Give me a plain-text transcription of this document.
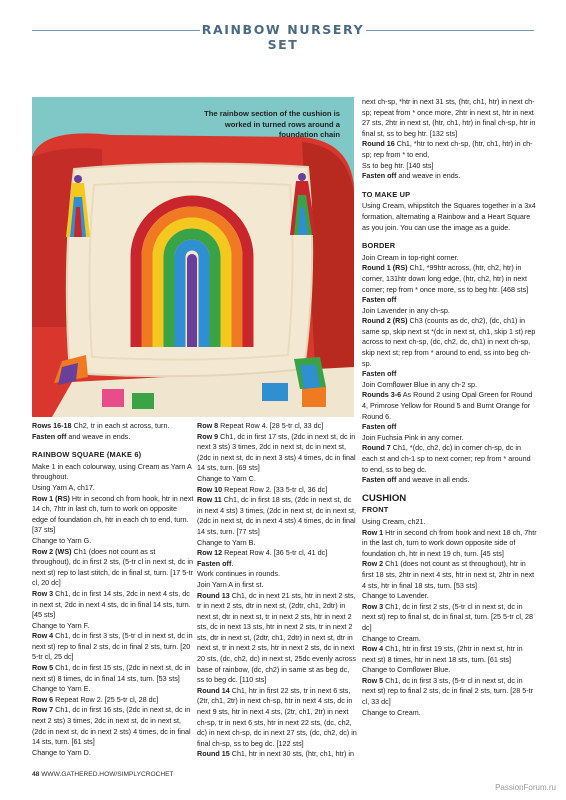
RAINBOW NURSERY SET
The rainbow section of the cushion is worked in turned rows around a foundation chain

Rows 16-18 Ch2, tr in each st across, turn.

Fasten off and weave in ends.

RAINBOW SQUARE (MAKE 6)

Make 1 in each colourway, using Cream as Yarn A throughout.

Using Yarn A, ch17.

Row 1 (RS) Htr in second ch from hook, htr in next 14 ch, 7htr in last ch, turn to work on opposite edge of foundation ch, htr in each ch to end, turn. [37 sts]

Change to Yarn G.

Row 2 (WS) Ch1 (does not count as st throughout), dc in first 2 sts, (5-tr cl in next st, dc in next st) rep to last stitch, dc in final st, turn. [17 5-tr cl, 20 dc]

Row 3 Ch1, dc in first 14 sts, 2dc in next 4 sts, dc in next st, 2dc in next 4 sts, dc in final 14 sts, turn. [45 sts]

Change to Yarn F.

Row 4 Ch1, dc in first 3 sts, (5-tr cl in next st, dc in next st) rep to final 2 sts, dc in final 2 sts, turn. [20 5-tr cl, 25 dc]

Row 5 Ch1, dc in first 15 sts, (2dc in next st, dc in next st) 8 times, dc in final 14 sts, turn. [53 sts]

Change to Yarn E.

Row 6 Repeat Row 2. [25 5-tr cl, 28 dc]

Row 7 Ch1, dc in first 16 sts, (2dc in next st, dc in next 2 sts) 3 times, 2dc in next st, dc in next st, (2dc in next st, dc in next 2 sts) 4 times, dc in final 14 sts, turn. [61 sts]

Change to Yarn D.

Row 8 Repeat Row 4. [28 5-tr cl, 33 dc]

Row 9 Ch1, dc in first 17 sts, (2dc in next st, dc in next 3 sts) 3 times, 2dc in next st, dc in next st, (2dc in next st, dc in next 3 sts) 4 times, dc in final 14 sts, turn. [69 sts]

Change to Yarn C.

Row 10 Repeat Row 2. [33 5-tr cl, 36 dc]

Row 11 Ch1, dc in first 18 sts, (2dc in next st, dc in next 4 sts) 3 times, (2dc in next st, dc in next st, (2dc in next st, dc in next 4 sts) 4 times, dc in final 14 sts, turn. [77 sts]

Change to Yarn B.

Row 12 Repeat Row 4. [36 5-tr cl, 41 dc]

Fasten off.

Work continues in rounds.

Join Yarn A in first st.

Round 13 Ch1, dc in next 21 sts, htr in next 2 sts, tr in next 2 sts, dtr in next st, (2dtr, ch1, 2dtr) in next st, dtr in next st, tr in next 2 sts, htr in next 2 sts, dc in next 13 sts, htr in next 2 sts, tr in next 2 sts, dtr in next st, (2dtr, ch1, 2dtr) in next st, dtr in next st, tr in next 2 sts, htr in next 2 sts, dc in next 20 sts, (dc, ch2, dc) in next st, 25dc evenly across base of rainbow, (dc, ch2) in same st as beg dc, ss to beg dc. [110 sts]

Round 14 Ch1, htr in first 22 sts, tr in next 6 sts, (2tr, ch1, 2tr) in next ch-sp, htr in next 4 sts, dc in next 9 sts, htr in next 4 sts, (2tr, ch1, 2tr) in next ch-sp, tr in next 6 sts, htr in next 22 sts, (dc, ch2, dc) in next ch-sp, dc in next 27 sts, (dc, ch2, dc) in final ch-sp, ss to beg dc. [122 sts]

Round 15 Ch1, htr in next 30 sts, (htr, ch1, htr) in

next ch-sp, *htr in next 31 sts, (htr, ch1, htr) in next ch-sp; repeat from * once more, 2htr in next st, htr in next 27 sts, 2htr in next st, (htr, ch1, htr) in final ch-sp, htr in final st, ss to beg htr. [132 sts]

Round 16 Ch1, *htr to next ch-sp, (htr, ch1, htr) in ch-sp; rep from * to end,

Ss to beg htr. [140 sts]

Fasten off and weave in ends.

TO MAKE UP

Using Cream, whipstitch the Squares together in a 3x4 formation, alternating a Rainbow and a Heart Square as you join. You can use the image as a guide.

BORDER

Join Cream in top-right corner.

Round 1 (RS) Ch1, *99htr across, (htr, ch2, htr) in corner, 131htr down long edge, (htr, ch2, htr) in next corner; rep from * once more, ss to beg htr. [468 sts]

Fasten off

Join Lavender in any ch-sp.

Round 2 (RS) Ch3 (counts as dc, ch2), (dc, ch1) in same sp, skip next st *(dc in next st, ch1, skip 1 st) rep across to next ch-sp, (dc, ch2, dc, ch1) in next ch-sp, skip next st; rep from * around to end, ss into beg ch-sp.

Fasten off

Join Cornflower Blue in any ch-2 sp.

Rounds 3-6 As Round 2 using Opal Green for Round 4, Primrose Yellow for Round 5 and Burnt Orange for Round 6.

Fasten off

Join Fuchsia Pink in any corner.

Round 7 Ch1, *(dc, ch2, dc) in corner ch-sp, dc in each st and ch-1 sp to next corner; rep from * around to end, ss to beg dc.

Fasten off and weave in all ends.

CUSHION
FRONT

Using Cream, ch21.

Row 1 Htr in second ch from hook and next 18 ch, 7htr in the last ch, turn to work down opposite side of foundation ch, htr in next 19 ch, turn. [45 sts]

Row 2 Ch1 (does not count as st throughout), htr in first 18 sts, 2htr in next 4 sts, htr in next st, 2htr in next 4 sts, htr in final 18 sts, turn. [53 sts]

Change to Lavender.

Row 3 Ch1, dc in first 2 sts, (5-tr cl in next st, dc in next st) rep to final st, dc in final st, turn. [25 5-tr cl, 28 dc]

Change to Cream.

Row 4 Ch1, htr in first 19 sts, (2htr in next st, htr in next st) 8 times, htr in next 18 sts, turn. [61 sts]

Change to Cornflower Blue.

Row 5 Ch1, dc in first 3 sts, (5-tr cl in next st, dc in next st) rep to final 2 sts, dc in final 2 sts, turn. [28 5-tr cl, 33 dc]

Change to Cream.

48 WWW.GATHERED.HOW/SIMPLYCROCHET
PassionForum.ru
